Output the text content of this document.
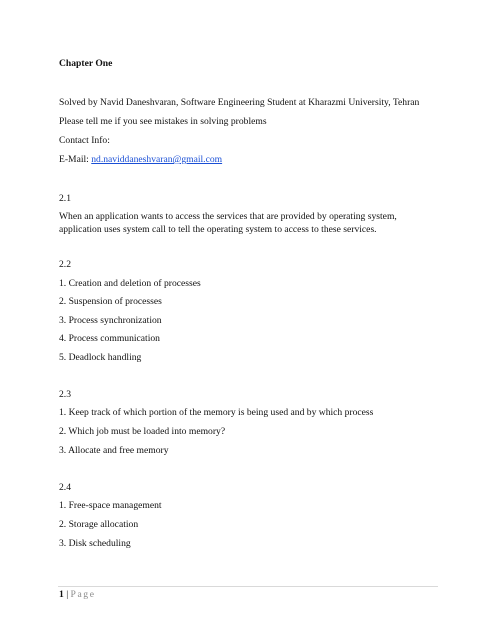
Chapter One
Solved by Navid Daneshvaran, Software Engineering Student at Kharazmi University, Tehran
Please tell me if you see mistakes in solving problems
Contact Info:
E-Mail: nd.naviddaneshvaran@gmail.com
2.1
When an application wants to access the services that are provided by operating system, application uses system call to tell the operating system to access to these services.
2.2
1. Creation and deletion of processes
2. Suspension of processes
3. Process synchronization
4. Process communication
5. Deadlock handling
2.3
1. Keep track of which portion of the memory is being used and by which process
2. Which job must be loaded into memory?
3. Allocate and free memory
2.4
1. Free-space management
2. Storage allocation
3. Disk scheduling
1 | Page
